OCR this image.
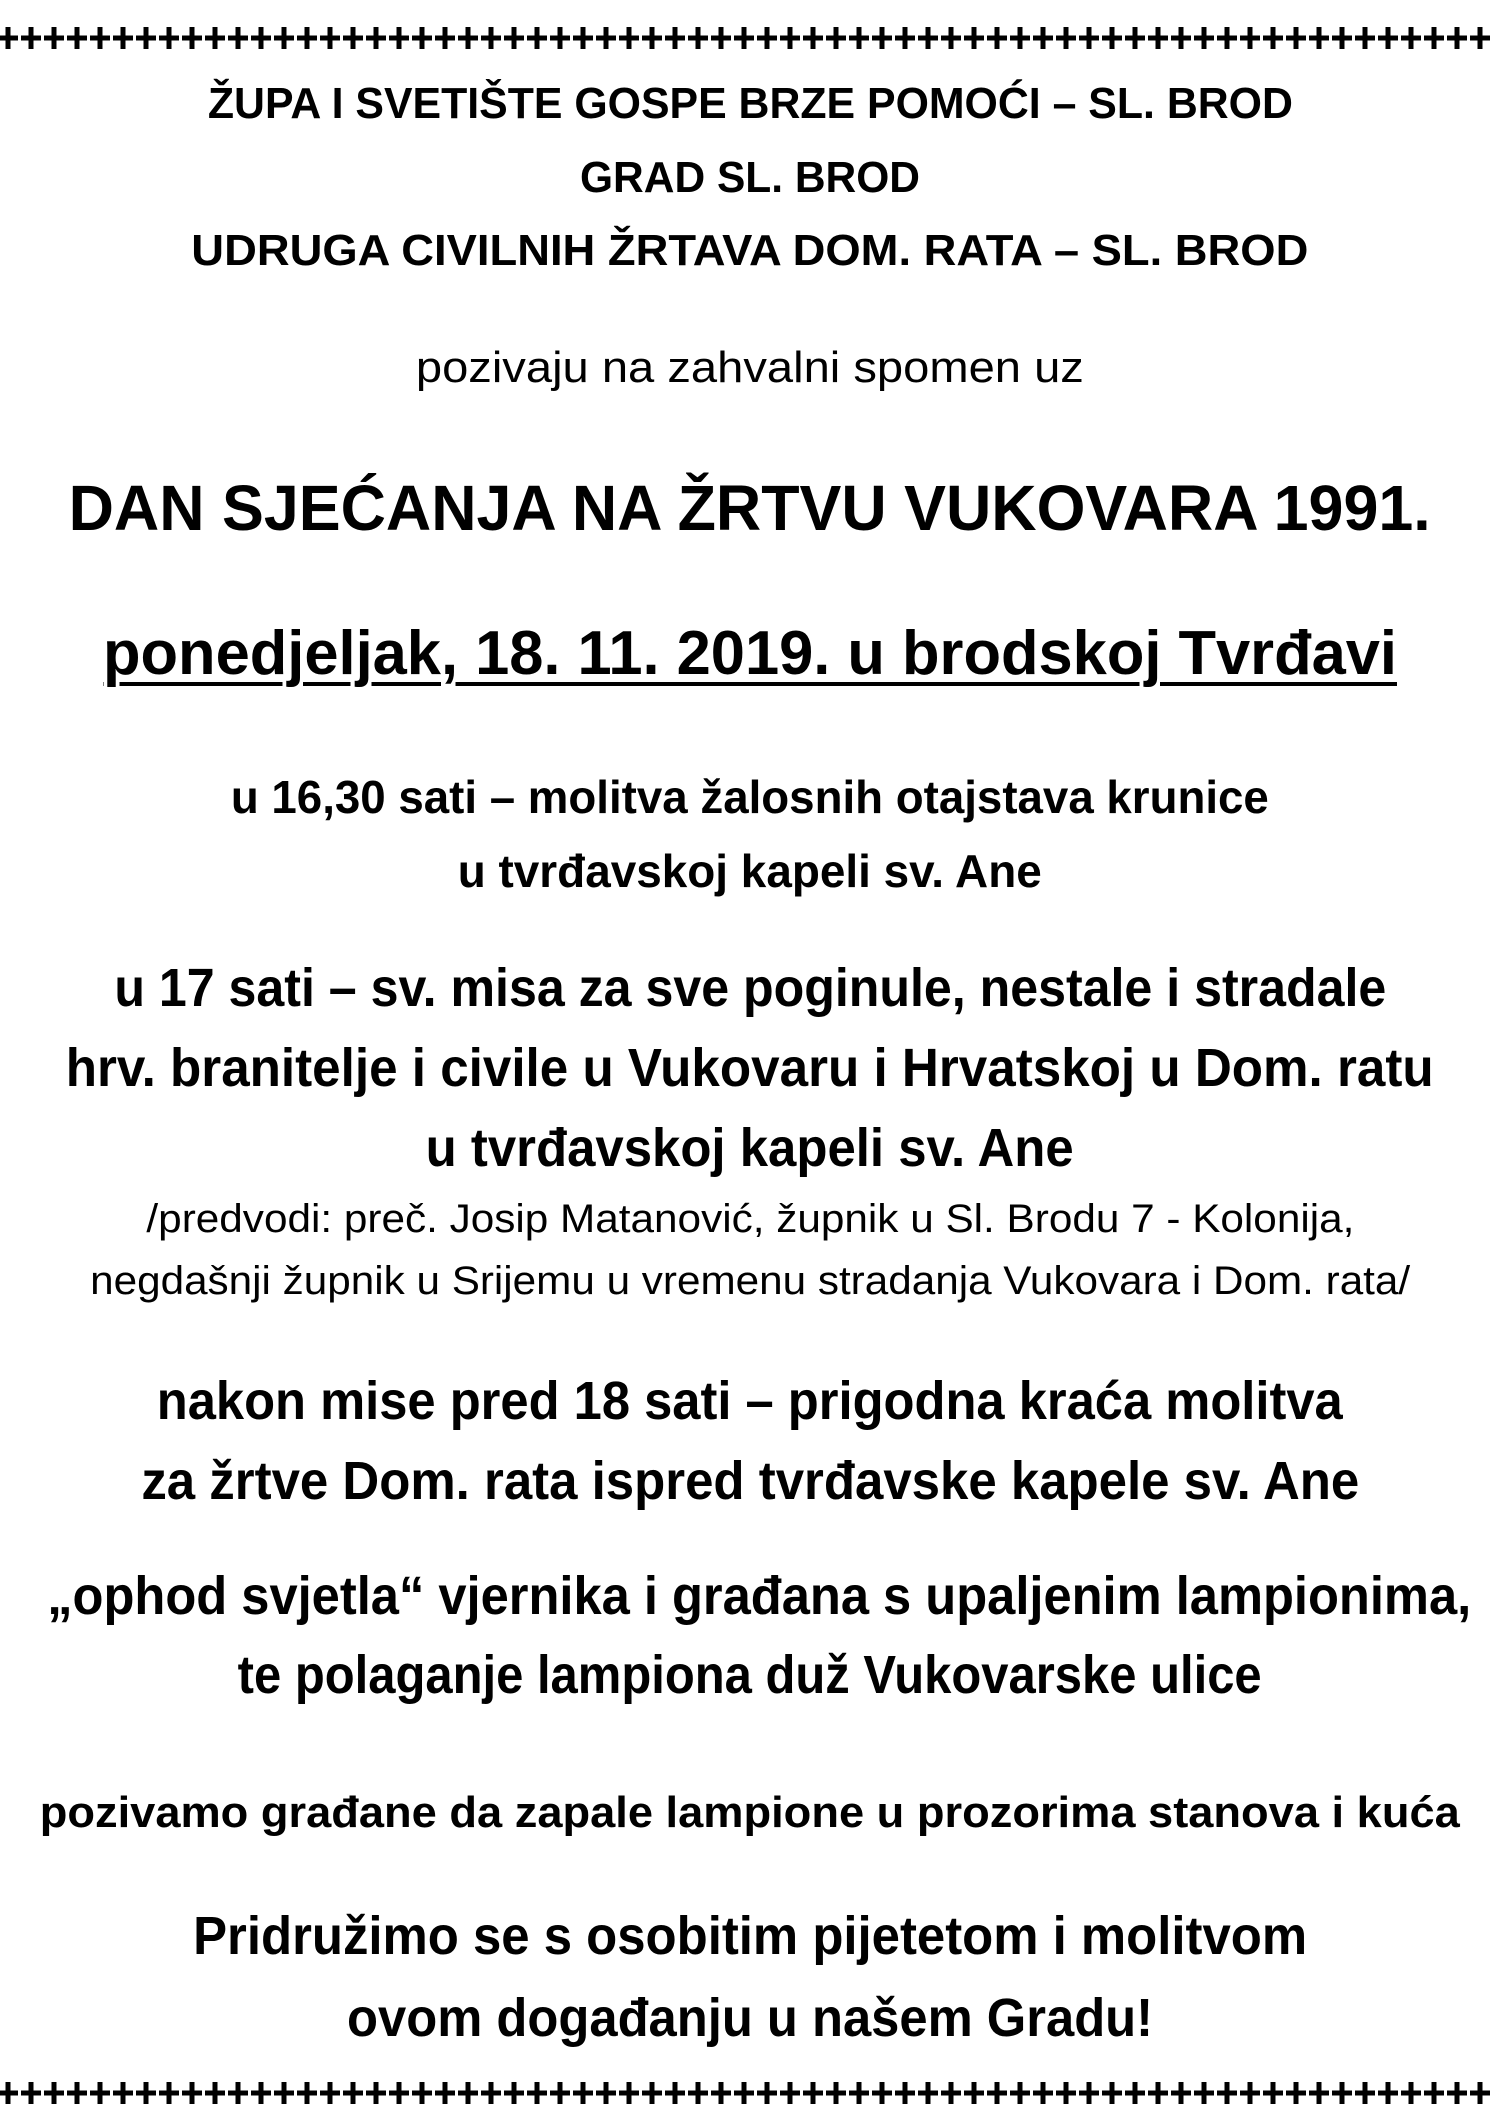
ŽUPA I SVETIŠTE GOSPE BRZE POMOĆI – SL. BROD
GRAD SL. BROD
UDRUGA CIVILNIH ŽRTAVA DOM. RATA – SL. BROD
pozivaju na zahvalni spomen uz
DAN SJEĆANJA NA ŽRTVU VUKOVARA 1991.
ponedjeljak, 18. 11. 2019. u brodskoj Tvrđavi
u 16,30 sati – molitva žalosnih otajstava krunice
u tvrđavskoj kapeli sv. Ane
u 17 sati – sv. misa za sve poginule, nestale i stradale
hrv. branitelje i civile u Vukovaru i Hrvatskoj u Dom. ratu
u tvrđavskoj kapeli sv. Ane
/predvodi: preč. Josip Matanović, župnik u Sl. Brodu 7 - Kolonija,
negdašnji župnik u Srijemu u vremenu stradanja Vukovara i Dom. rata/
nakon mise pred 18 sati – prigodna kraća molitva
za žrtve Dom. rata ispred tvrđavske kapele sv. Ane
„ophod svjetla“ vjernika i građana s upaljenim lampionima,
te polaganje lampiona duž Vukovarske ulice
pozivamo građane da zapale lampione u prozorima stanova i kuća
Pridružimo se s osobitim pijetetom i molitvom
ovom događanju u našem Gradu!
